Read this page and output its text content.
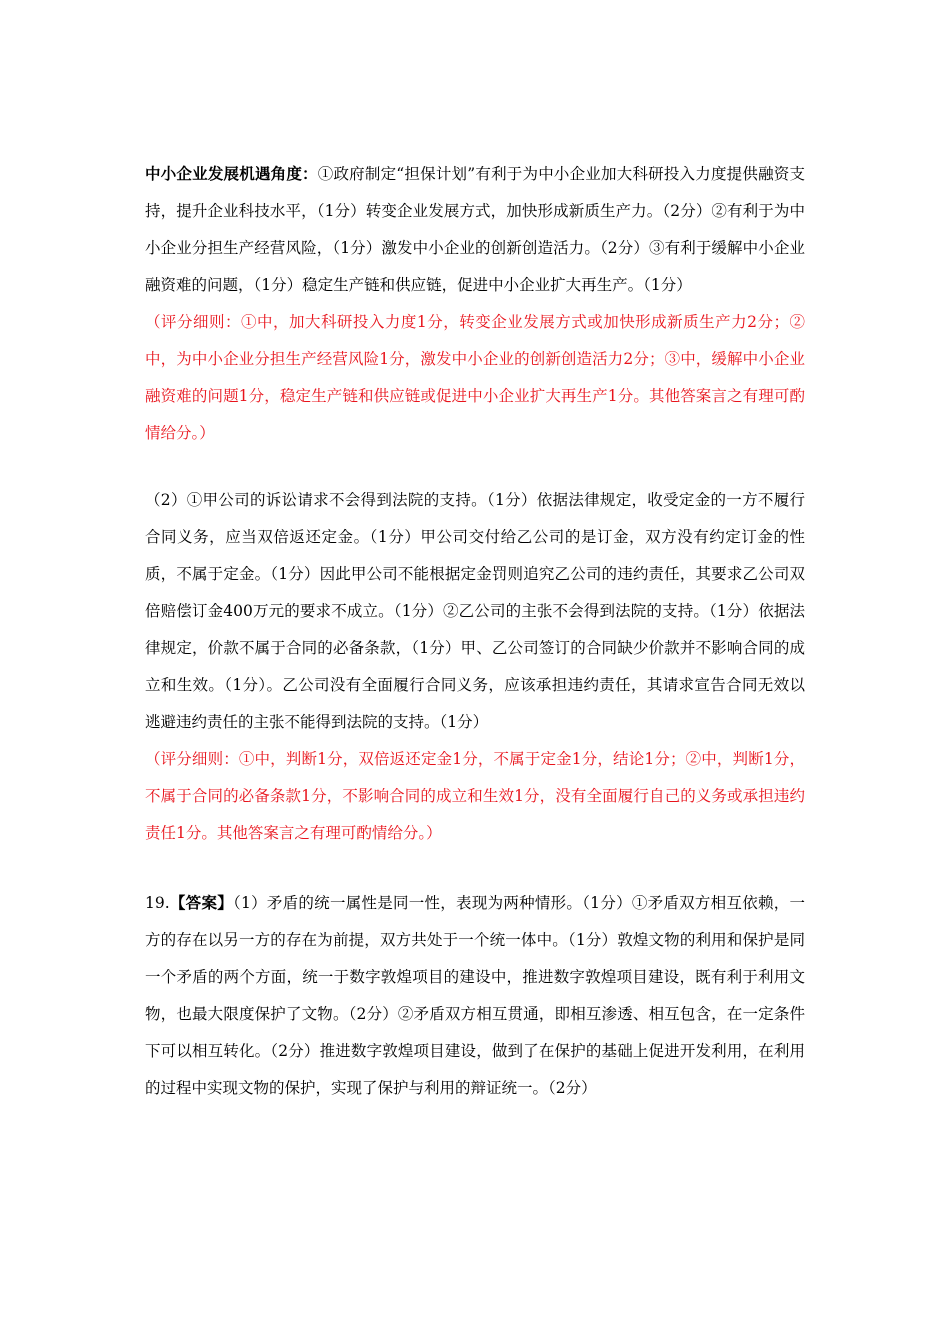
中小企业发展机遇角度：①政府制定“担保计划”有利于为中小企业加大科研投入力度提供融资支持，提升企业科技水平，（1分）转变企业发展方式，加快形成新质生产力。（2分）②有利于为中小企业分担生产经营风险，（1分）激发中小企业的创新创造活力。（2分）③有利于缓解中小企业融资难的问题，（1分）稳定生产链和供应链，促进中小企业扩大再生产。（1分）

（评分细则：①中，加大科研投入力度1分，转变企业发展方式或加快形成新质生产力2分；②中，为中小企业分担生产经营风险1分，激发中小企业的创新创造活力2分；③中，缓解中小企业融资难的问题1分，稳定生产链和供应链或促进中小企业扩大再生产1分。其他答案言之有理可酌情给分。）

（2）①甲公司的诉讼请求不会得到法院的支持。（1分）依据法律规定，收受定金的一方不履行合同义务，应当双倍返还定金。（1分）甲公司交付给乙公司的是订金，双方没有约定订金的性质，不属于定金。（1分）因此甲公司不能根据定金罚则追究乙公司的违约责任，其要求乙公司双倍赔偿订金400万元的要求不成立。（1分）②乙公司的主张不会得到法院的支持。（1分）依据法律规定，价款不属于合同的必备条款，（1分）甲、乙公司签订的合同缺少价款并不影响合同的成立和生效。（1分）。乙公司没有全面履行合同义务，应该承担违约责任，其请求宣告合同无效以逃避违约责任的主张不能得到法院的支持。（1分）

（评分细则：①中，判断1分，双倍返还定金1分，不属于定金1分，结论1分；②中，判断1分，不属于合同的必备条款1分，不影响合同的成立和生效1分，没有全面履行自己的义务或承担违约责任1分。其他答案言之有理可酌情给分。）

19.【答案】（1）矛盾的统一属性是同一性，表现为两种情形。（1分）①矛盾双方相互依赖，一方的存在以另一方的存在为前提，双方共处于一个统一体中。（1分）敦煌文物的利用和保护是同一个矛盾的两个方面，统一于数字敦煌项目的建设中，推进数字敦煌项目建设，既有利于利用文物，也最大限度保护了文物。（2分）②矛盾双方相互贯通，即相互渗透、相互包含，在一定条件下可以相互转化。（2分）推进数字敦煌项目建设，做到了在保护的基础上促进开发利用，在利用的过程中实现文物的保护，实现了保护与利用的辩证统一。（2分）
